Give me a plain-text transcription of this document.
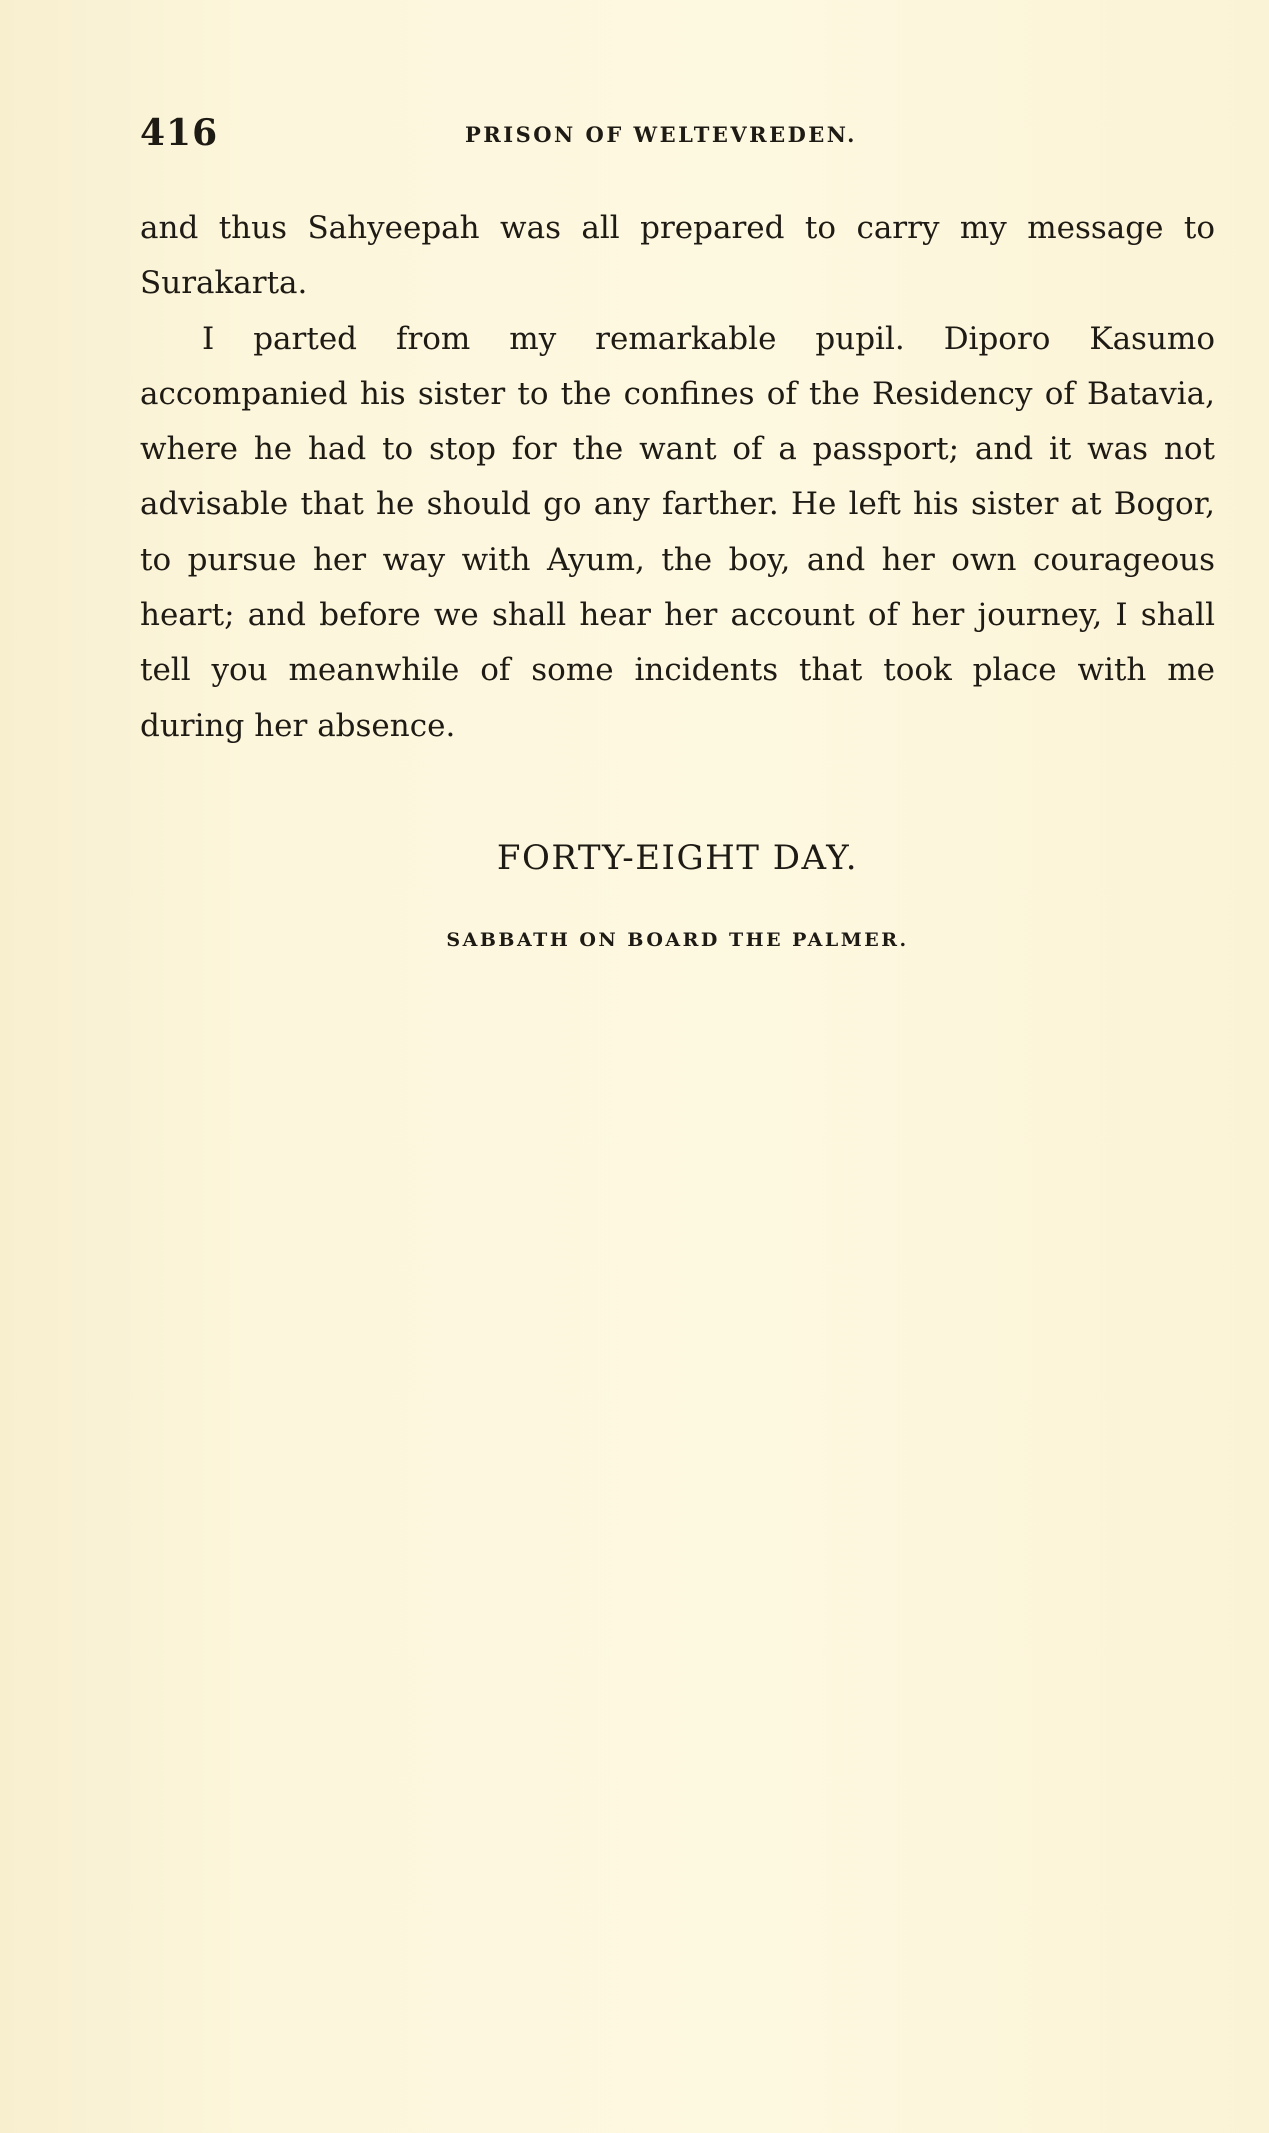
416	PRISON OF WELTEVREDEN.

and thus Sahyeepah was all prepared to carry my message to Surakarta.

I parted from my remarkable pupil. Diporo Kasumo accompanied his sister to the confines of the Residency of Batavia, where he had to stop for the want of a passport; and it was not advisable that he should go any farther. He left his sister at Bogor, to pursue her way with Ayum, the boy, and her own courageous heart; and before we shall hear her account of her journey, I shall tell you meanwhile of some incidents that took place with me during her absence.

FORTY-EIGHT DAY.
SABBATH ON BOARD THE PALMER.
